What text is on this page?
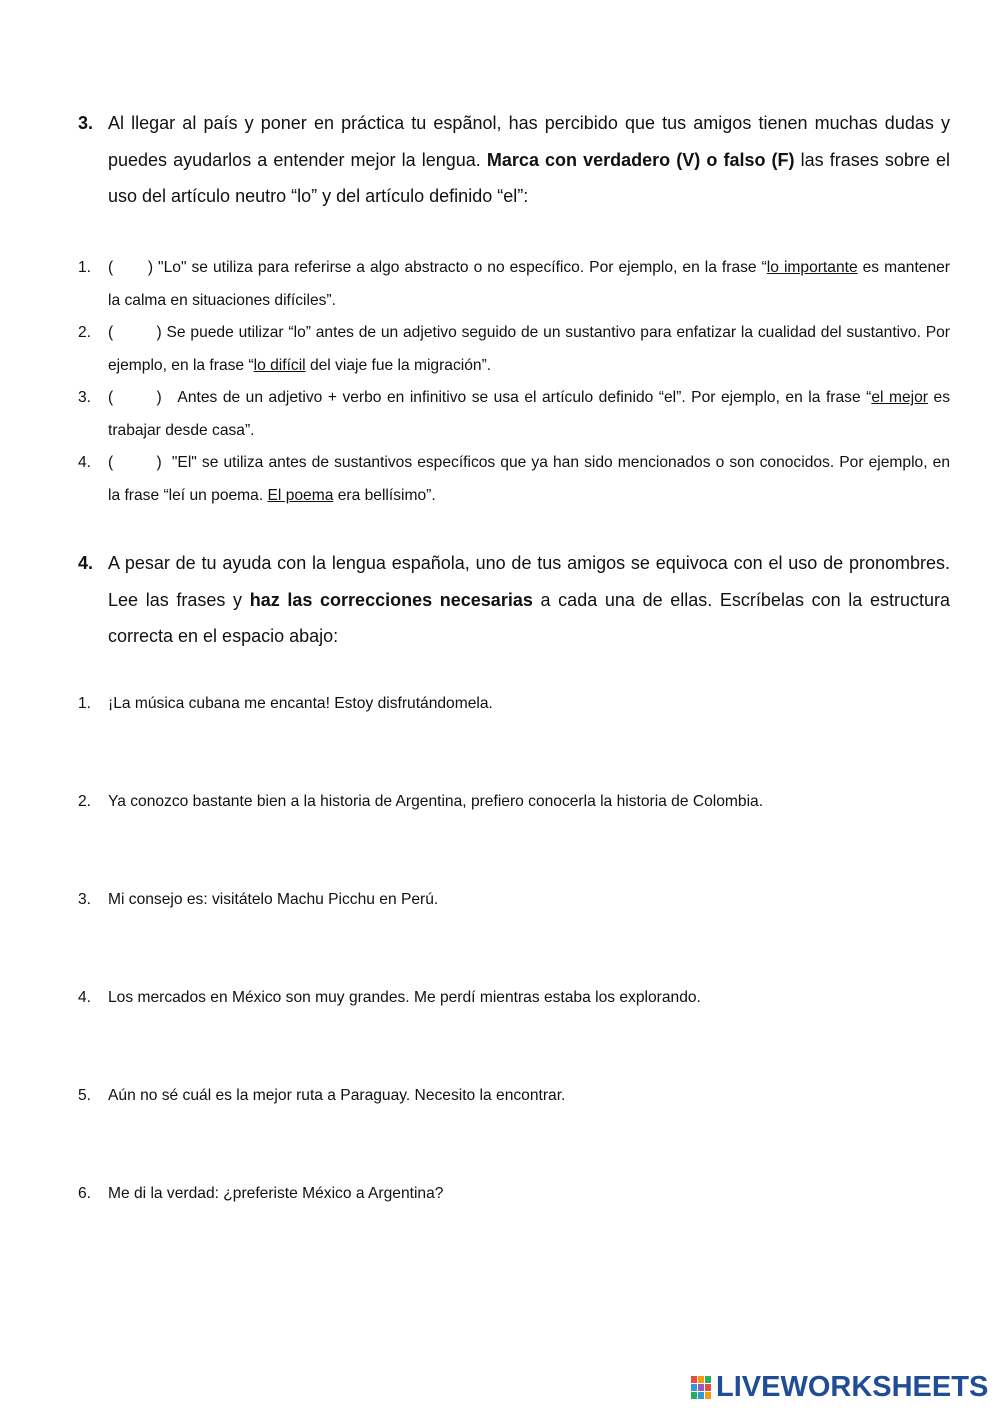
3. Al llegar al país y poner en práctica tu espãnol, has percibido que tus amigos tienen muchas dudas y puedes ayudarlos a entender mejor la lengua. Marca con verdadero (V) o falso (F) las frases sobre el uso del artículo neutro “lo” y del artículo definido “el”:
1. (        ) "Lo" se utiliza para referirse a algo abstracto o no específico. Por ejemplo, en la frase “lo importante es mantener la calma en situaciones difíciles”.
2. (          ) Se puede utilizar “lo” antes de un adjetivo seguido de un sustantivo para enfatizar la cualidad del sustantivo. Por ejemplo, en la frase “lo difícil del viaje fue la migración”.
3. (          )   Antes de un adjetivo + verbo en infinitivo se usa el artículo definido “el”. Por ejemplo, en la frase “el mejor es trabajar desde casa”.
4. (          )  "El" se utiliza antes de sustantivos específicos que ya han sido mencionados o son conocidos. Por ejemplo, en la frase “leí un poema. El poema era bellísimo”.
4. A pesar de tu ayuda con la lengua española, uno de tus amigos se equivoca con el uso de pronombres. Lee las frases y haz las correcciones necesarias a cada una de ellas. Escríbelas con la estructura correcta en el espacio abajo:
1. ¡La música cubana me encanta! Estoy disfrutándomela.
2. Ya conozco bastante bien a la historia de Argentina, prefiero conocerla la historia de Colombia.
3. Mi consejo es: visitátelo Machu Picchu en Perú.
4. Los mercados en México son muy grandes. Me perdí mientras estaba los explorando.
5. Aún no sé cuál es la mejor ruta a Paraguay. Necesito la encontrar.
6. Me di la verdad: ¿preferiste México a Argentina?
LIVEWORKSHEETS
